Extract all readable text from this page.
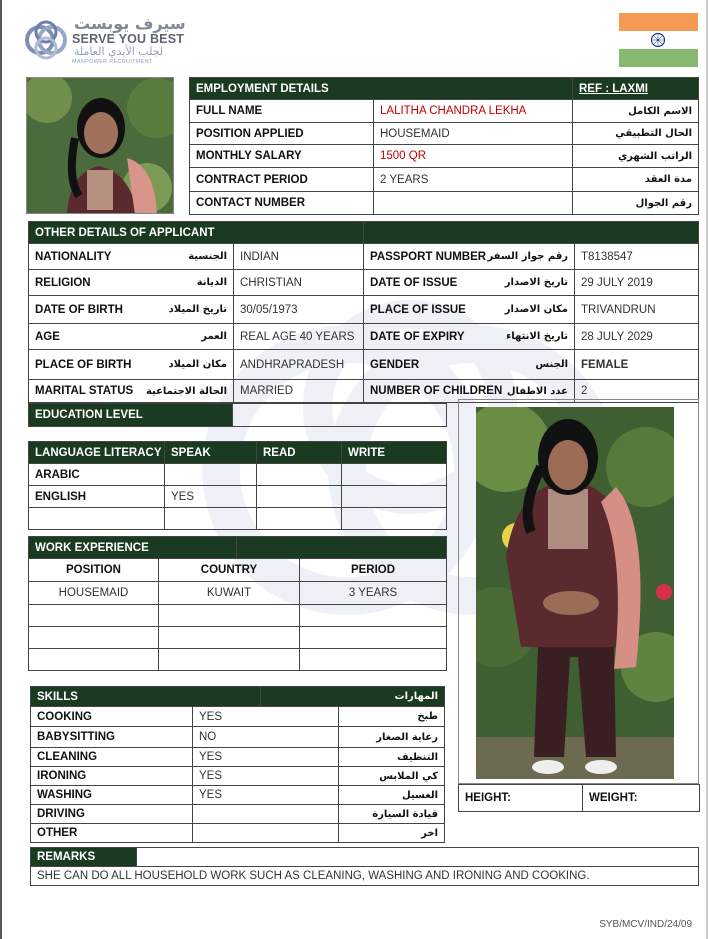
سيرف يوبست
SERVE YOU BEST
لجلب الأيدي العاملة
MANPOWER RECRUITMENT
EMPLOYMENT DETAILS		REF : LAXMI
FULL NAME	LALITHA CHANDRA LEKHA	الاسم الكامل
POSITION APPLIED	HOUSEMAID	الحال التطبيقي
MONTHLY SALARY	1500 QR	الراتب الشهري
CONTRACT PERIOD	2 YEARS	مدة العقد
CONTACT NUMBER		رقم الجوال
OTHER DETAILS OF APPLICANT			

NATIONALITY الجنسية	INDIAN	PASSPORT NUMBER رقم جواز السفر	T8138547

RELIGION الديانة	CHRISTIAN	DATE OF ISSUE تاريخ الاصدار	29 JULY 2019

DATE OF BIRTH تاريخ الميلاد	30/05/1973	PLACE OF ISSUE مكان الاصدار	TRIVANDRUN

AGE العمر	REAL AGE 40 YEARS	DATE OF EXPIRY تاريخ الانتهاء	28 JULY 2029

PLACE OF BIRTH مكان الميلاد	ANDHRAPRADESH	GENDER الجنس	FEMALE

MARITAL STATUS الحالة الاجتماعية	MARRIED	NUMBER OF CHILDREN عدد الاطفال	2
EDUCATION LEVEL	
LANGUAGE LITERACY	SPEAK	READ	WRITE
ARABIC			
ENGLISH	YES		

WORK EXPERIENCE			
POSITION	COUNTRY		PERIOD
HOUSEMAID	KUWAIT		3 YEARS

SKILLS		المهارات	
COOKING	YES		طبخ
BABYSITTING	NO		رعاية الصغار
CLEANING	YES		التنظيف
IRONING	YES		كي الملابس
WASHING	YES		الغسيل
DRIVING			قيادة السيارة
OTHER			اخر
HEIGHT:	WEIGHT:
REMARKS	
SHE CAN DO ALL HOUSEHOLD WORK SUCH AS CLEANING, WASHING AND IRONING AND COOKING.
SYB/MCV/IND/24/09
